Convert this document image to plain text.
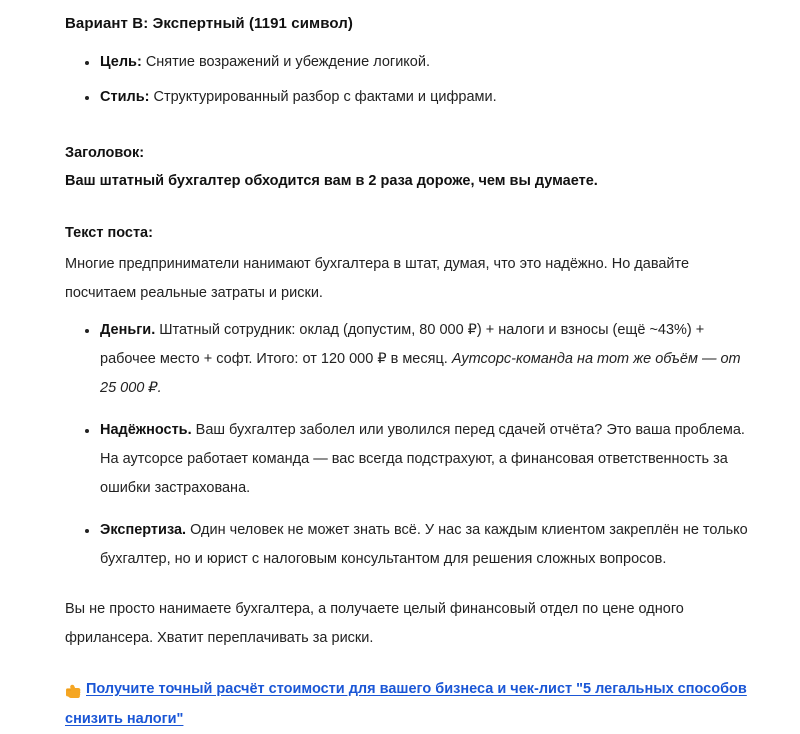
Вариант B: Экспертный (1191 символ)
Цель: Снятие возражений и убеждение логикой.
Стиль: Структурированный разбор с фактами и цифрами.
Заголовок:
Ваш штатный бухгалтер обходится вам в 2 раза дороже, чем вы думаете.
Текст поста:

Многие предприниматели нанимают бухгалтера в штат, думая, что это надёжно. Но давайте посчитаем реальные затраты и риски.

Деньги. Штатный сотрудник: оклад (допустим, 80 000 ₽) + налоги и взносы (ещё ~43%) + рабочее место + софт. Итого: от 120 000 ₽ в месяц. Аутсорс-команда на тот же объём — от 25 000 ₽.
Надёжность. Ваш бухгалтер заболел или уволился перед сдачей отчёта? Это ваша проблема. На аутсорсе работает команда — вас всегда подстрахуют, а финансовая ответственность за ошибки застрахована.
Экспертиза. Один человек не может знать всё. У нас за каждым клиентом закреплён не только бухгалтер, но и юрист с налоговым консультантом для решения сложных вопросов.

Вы не просто нанимаете бухгалтера, а получаете целый финансовый отдел по цене одного фрилансера. Хватит переплачивать за риски.

Получите точный расчёт стоимости для вашего бизнеса и чек-лист "5 легальных способов снизить налоги"
